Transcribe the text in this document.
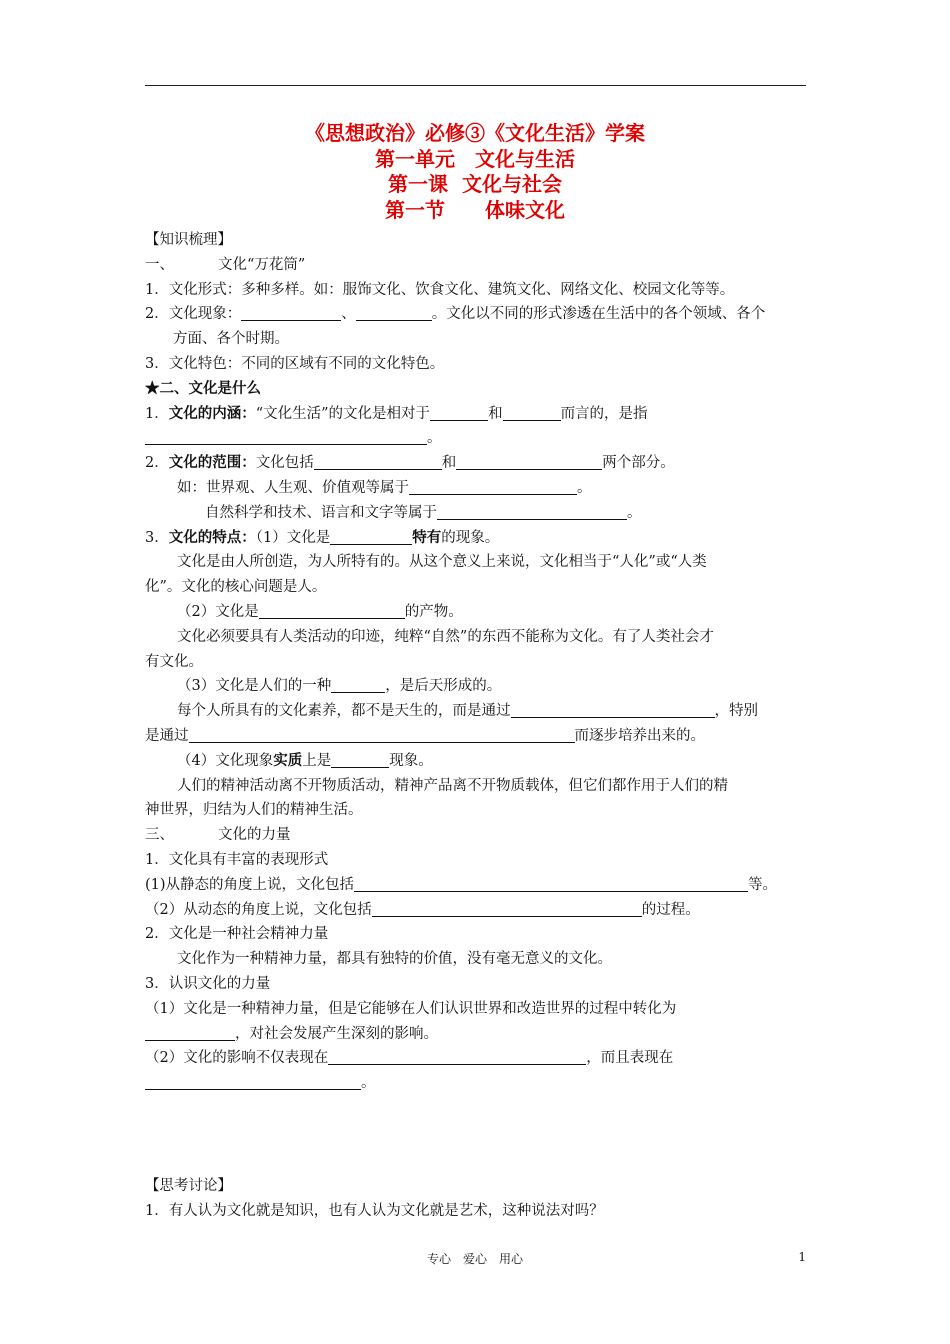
《思想政治》必修③《文化生活》学案
第一单元　文化与生活
第一课  文化与社会
第一节　　体味文化
【知识梳理】
一、	文化“万花筒”
1．文化形式：多种多样。如：服饰文化、饮食文化、建筑文化、网络文化、校园文化等等。
2．文化现象：	、	。文化以不同的形式渗透在生活中的各个领域、各个
方面、各个时期。
3．文化特色：不同的区域有不同的文化特色。
★二、文化是什么
1．文化的内涵：“文化生活”的文化是相对于	和	而言的，是指
。
2．文化的范围：文化包括	和	两个部分。
如：世界观、人生观、价值观等属于	。
自然科学和技术、语言和文字等属于	。
3．文化的特点：（1）文化是	特有的现象。
文化是由人所创造，为人所特有的。从这个意义上来说，文化相当于“人化”或“人类
化”。文化的核心问题是人。
（2）文化是	的产物。
文化必须要具有人类活动的印迹，纯粹“自然”的东西不能称为文化。有了人类社会才
有文化。
（3）文化是人们的一种	，是后天形成的。
每个人所具有的文化素养，都不是天生的，而是通过	，特别
是通过	而逐步培养出来的。
（4）文化现象实质上是	现象。
人们的精神活动离不开物质活动，精神产品离不开物质载体，但它们都作用于人们的精
神世界，归结为人们的精神生活。
三、	文化的力量
1．文化具有丰富的表现形式
(1)从静态的角度上说，文化包括	等。
（2）从动态的角度上说，文化包括	的过程。
2．文化是一种社会精神力量
文化作为一种精神力量，都具有独特的价值，没有毫无意义的文化。
3．认识文化的力量
（1）文化是一种精神力量，但是它能够在人们认识世界和改造世界的过程中转化为
，对社会发展产生深刻的影响。
（2）文化的影响不仅表现在	，而且表现在
。
【思考讨论】
1．有人认为文化就是知识，也有人认为文化就是艺术，这种说法对吗？
专心　爱心　用心	1
